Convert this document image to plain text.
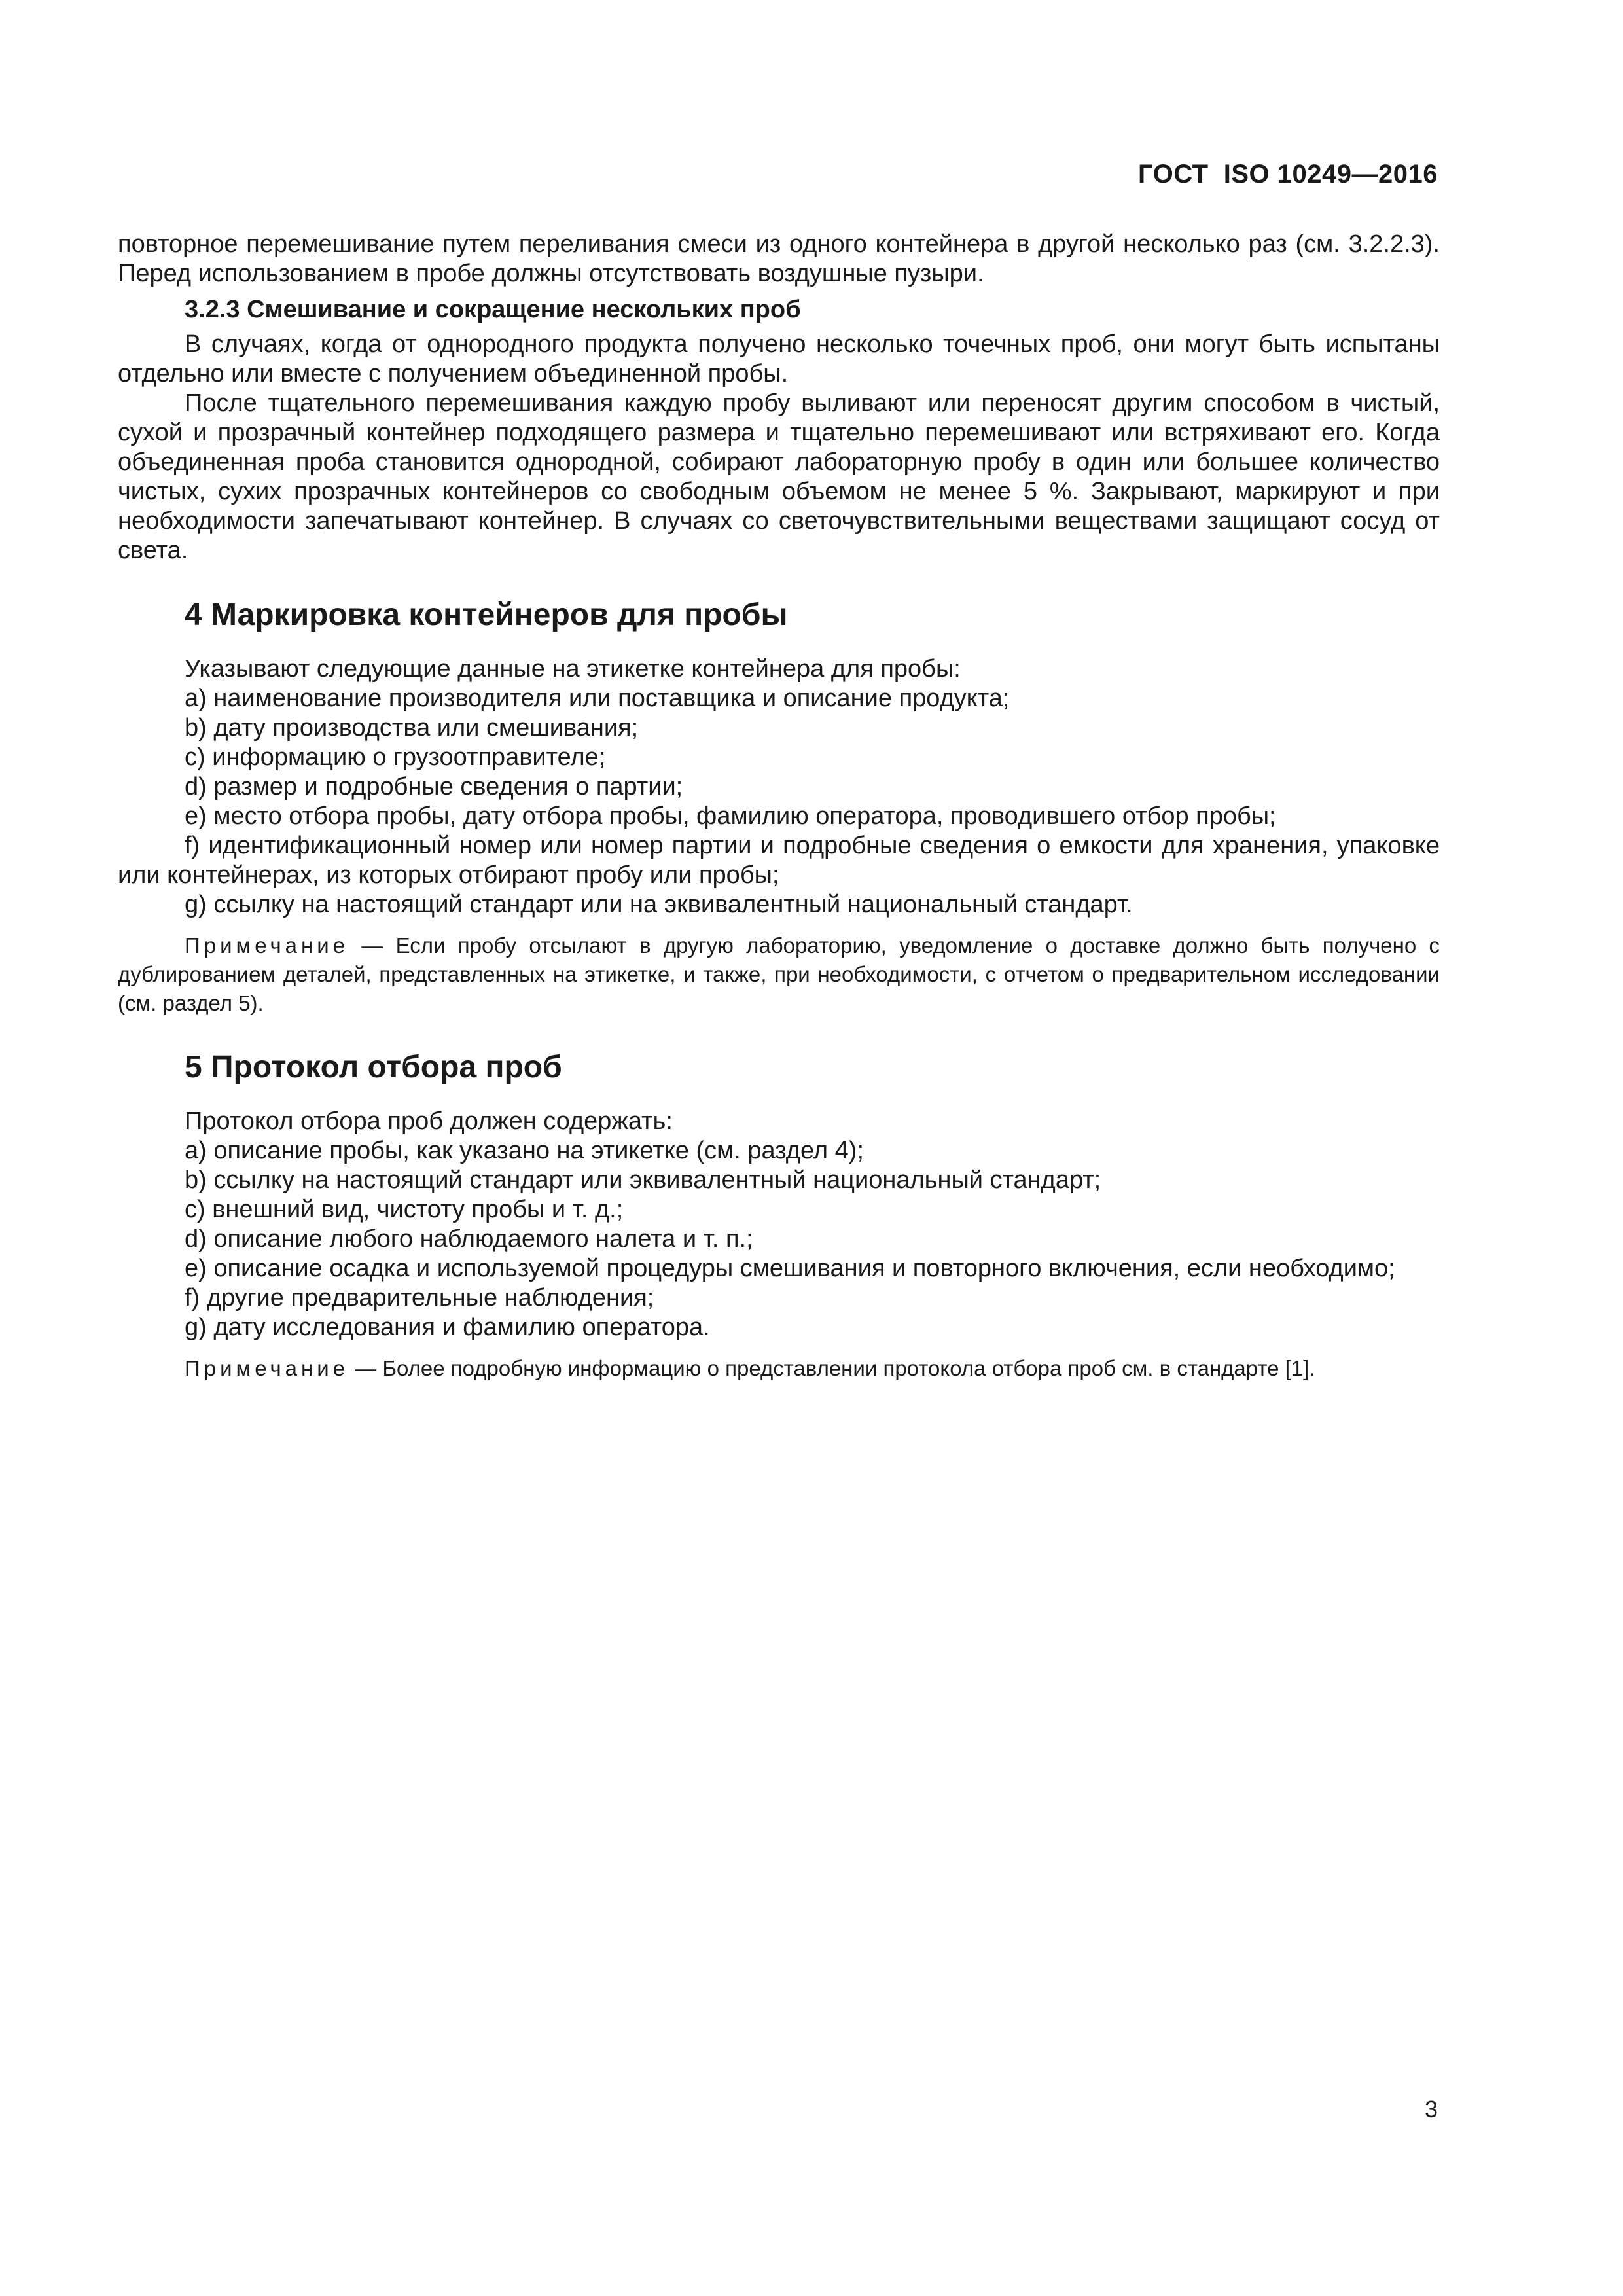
ГОСТ  ISO 10249—2016

повторное перемешивание путем переливания смеси из одного контейнера в другой несколько раз (см. 3.2.2.3). Перед использованием в пробе должны отсутствовать воздушные пузыри.

3.2.3 Смешивание и сокращение нескольких проб

В случаях, когда от однородного продукта получено несколько точечных проб, они могут быть испытаны отдельно или вместе с получением объединенной пробы.

После тщательного перемешивания каждую пробу выливают или переносят другим способом в чистый, сухой и прозрачный контейнер подходящего размера и тщательно перемешивают или встряхивают его. Когда объединенная проба становится однородной, собирают лабораторную пробу в один или большее количество чистых, сухих прозрачных контейнеров со свободным объемом не менее 5 %. Закрывают, маркируют и при необходимости запечатывают контейнер. В случаях со светочувствительными веществами защищают сосуд от света.

4 Маркировка контейнеров для пробы

Указывают следующие данные на этикетке контейнера для пробы:

a) наименование производителя или поставщика и описание продукта;

b) дату производства или смешивания;

c) информацию о грузоотправителе;

d) размер и подробные сведения о партии;

e) место отбора пробы, дату отбора пробы, фамилию оператора, проводившего отбор пробы;

f) идентификационный номер или номер партии и подробные сведения о емкости для хранения, упаковке или контейнерах, из которых отбирают пробу или пробы;

g) ссылку на настоящий стандарт или на эквивалентный национальный стандарт.

Примечание — Если пробу отсылают в другую лабораторию, уведомление о доставке должно быть получено с дублированием деталей, представленных на этикетке, и также, при необходимости, с отчетом о предварительном исследовании (см. раздел 5).

5 Протокол отбора проб

Протокол отбора проб должен содержать:

a) описание пробы, как указано на этикетке (см. раздел 4);

b) ссылку на настоящий стандарт или эквивалентный национальный стандарт;

c) внешний вид, чистоту пробы и т. д.;

d) описание любого наблюдаемого налета и т. п.;

e) описание осадка и используемой процедуры смешивания и повторного включения, если необходимо;

f) другие предварительные наблюдения;

g) дату исследования и фамилию оператора.

Примечание — Более подробную информацию о представлении протокола отбора проб см. в стандарте [1].

3
